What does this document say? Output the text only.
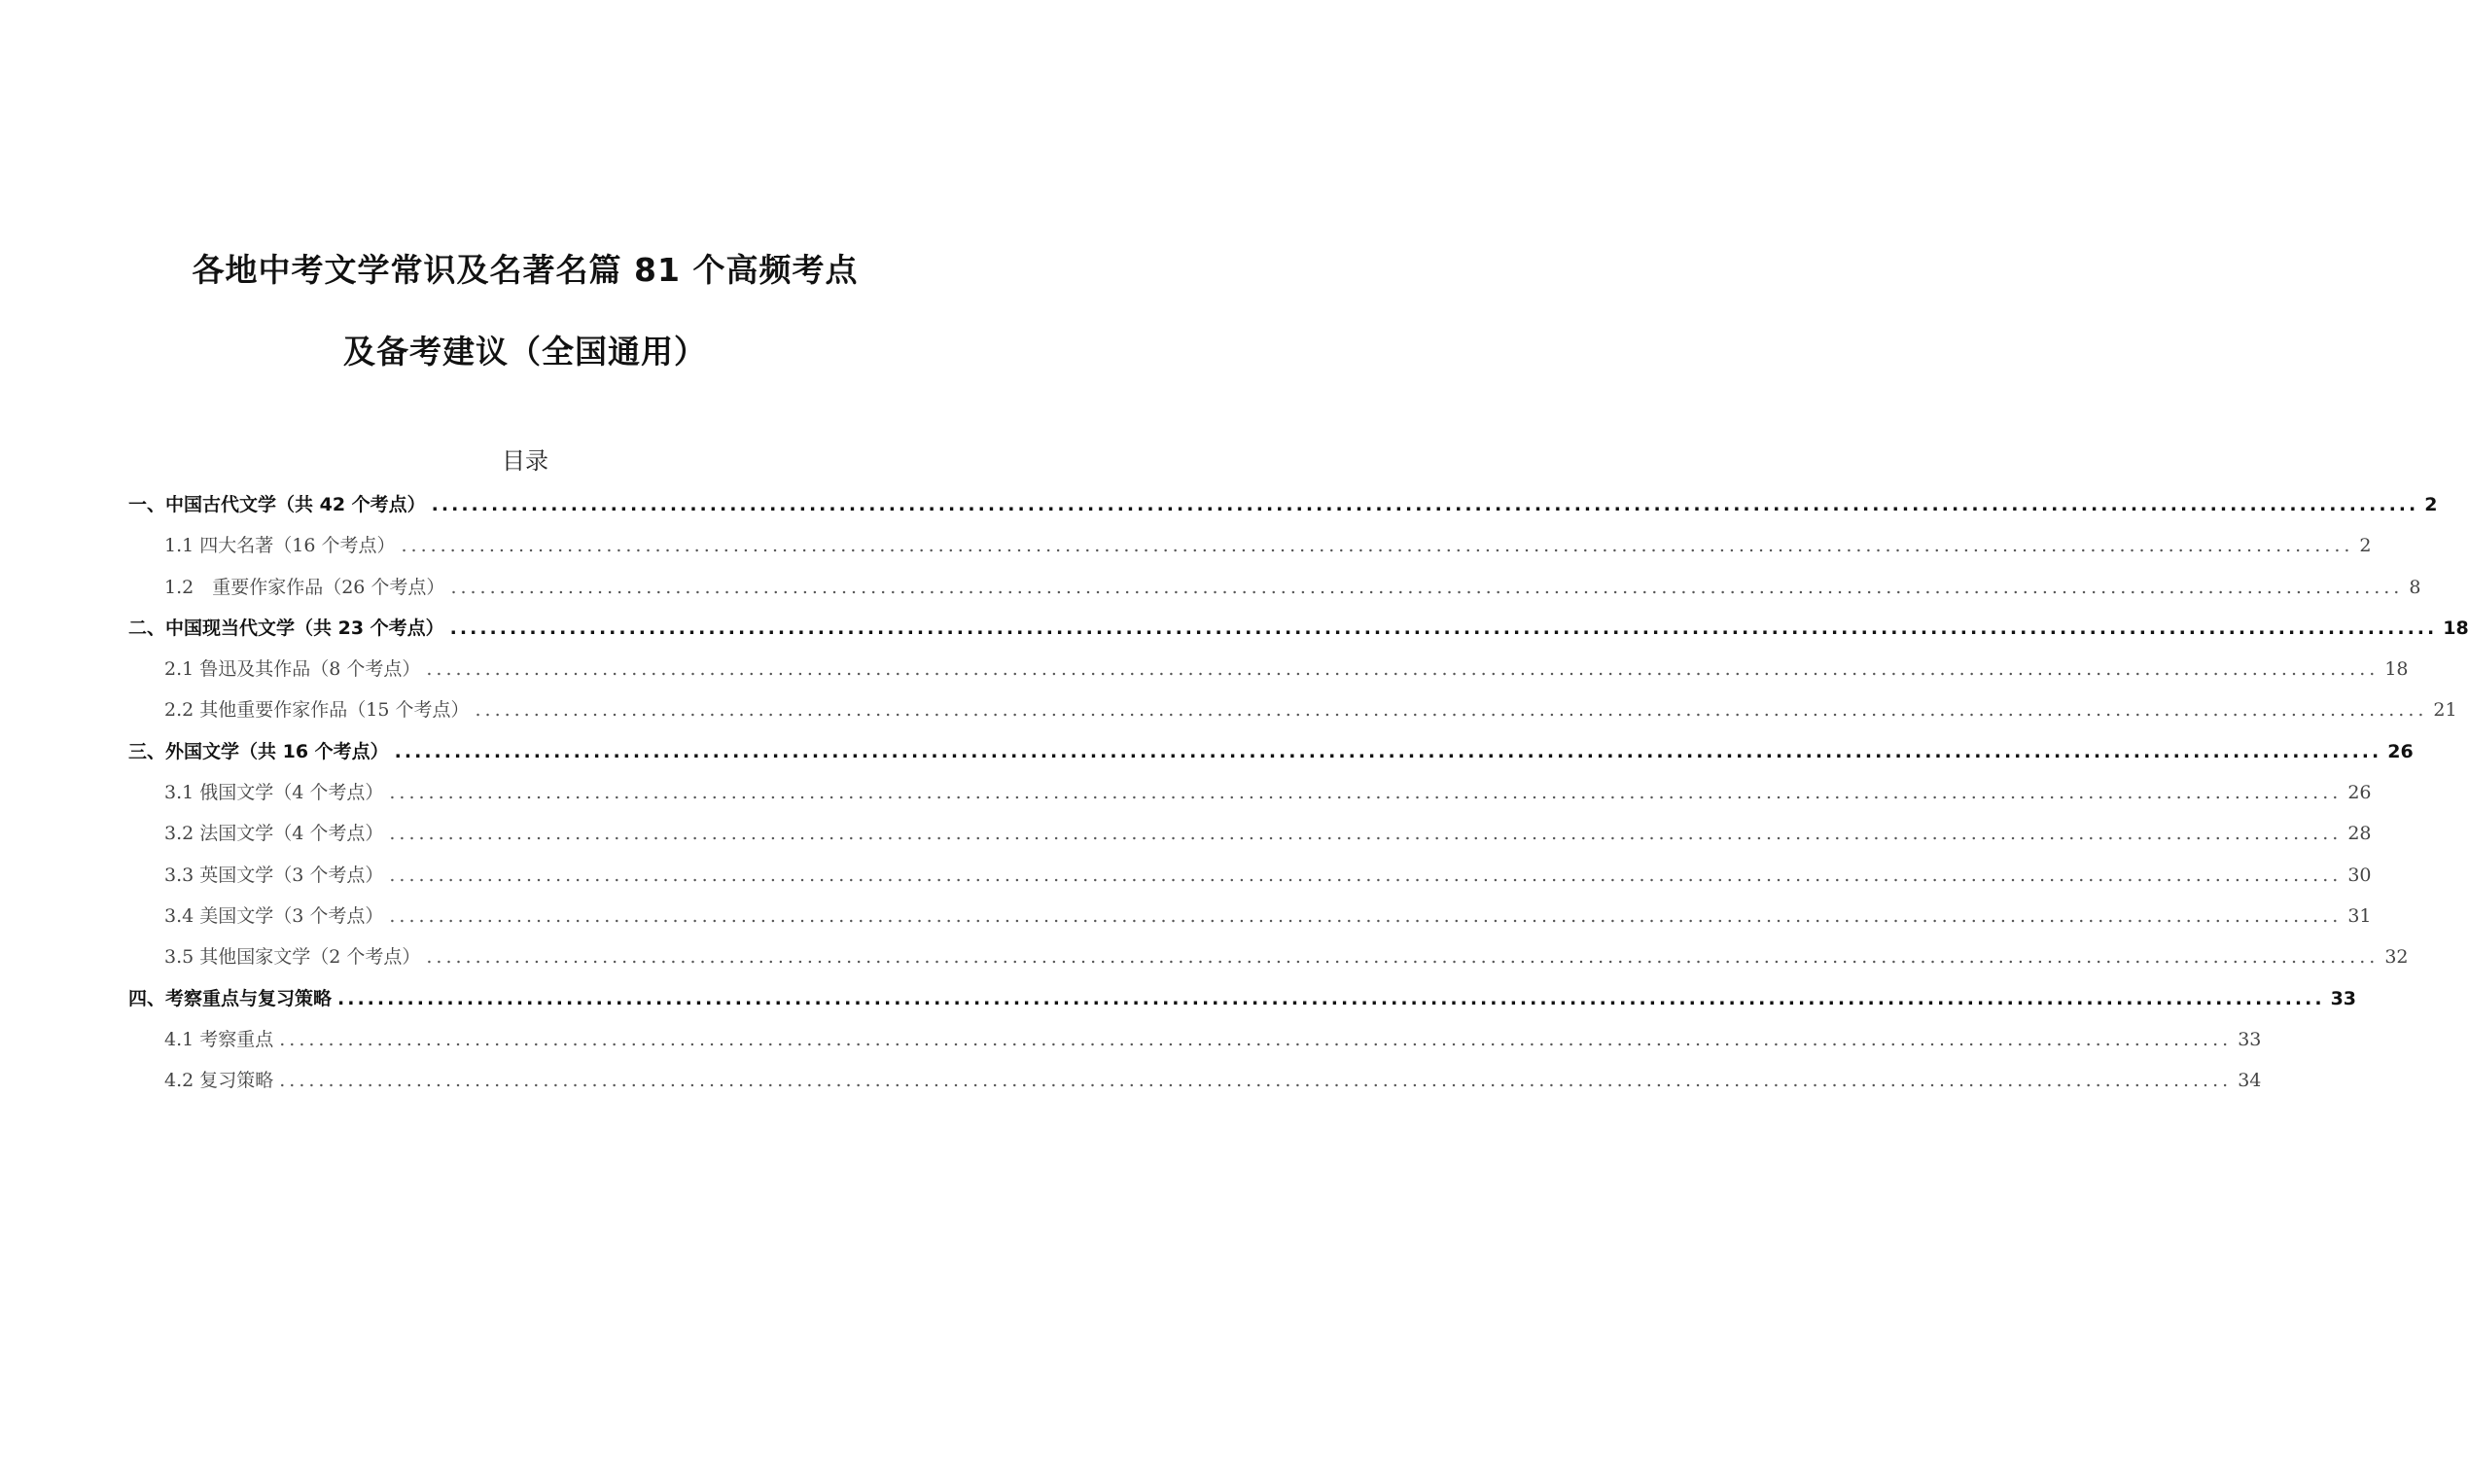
各地中考文学常识及名著名篇 81 个高频考点
及备考建议（全国通用）
目录
一、中国古代文学（共 42 个考点） ........................................................................................................................................................................................................ 2
1.1 四大名著（16 个考点） ........................................................................................................................................................................................................ 2
1.2　重要作家作品（26 个考点） ........................................................................................................................................................................................................ 8
二、中国现当代文学（共 23 个考点） ........................................................................................................................................................................................................ 18
2.1 鲁迅及其作品（8 个考点） ........................................................................................................................................................................................................ 18
2.2 其他重要作家作品（15 个考点） ........................................................................................................................................................................................................ 21
三、外国文学（共 16 个考点） ........................................................................................................................................................................................................ 26
3.1 俄国文学（4 个考点） ........................................................................................................................................................................................................ 26
3.2 法国文学（4 个考点） ........................................................................................................................................................................................................ 28
3.3 英国文学（3 个考点） ........................................................................................................................................................................................................ 30
3.4 美国文学（3 个考点） ........................................................................................................................................................................................................ 31
3.5 其他国家文学（2 个考点） ........................................................................................................................................................................................................ 32
四、考察重点与复习策略 ........................................................................................................................................................................................................ 33
4.1 考察重点 ........................................................................................................................................................................................................ 33
4.2 复习策略 ........................................................................................................................................................................................................ 34
